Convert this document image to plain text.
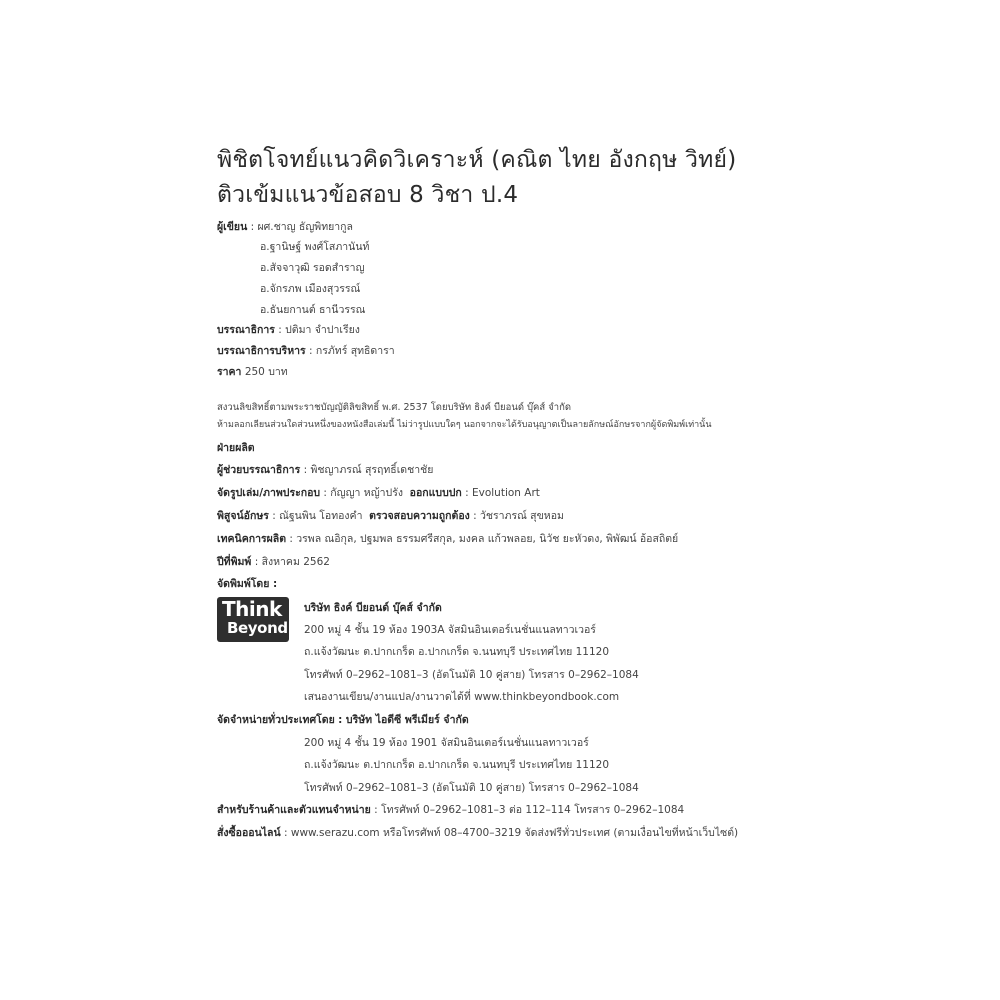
พิชิตโจทย์แนวคิดวิเคราะห์ (คณิต ไทย อังกฤษ วิทย์)
ติวเข้มแนวข้อสอบ 8 วิชา ป.4
ผู้เขียน : ผศ.ชาญ ธัญพิทยากูล
อ.ฐานิษฐ์ พงศ์โสภานันท์
อ.สัจจาวุฒิ รอดสำราญ
อ.จักรภพ เมืองสุวรรณ์
อ.ธันยกานต์ ธานีวรรณ
บรรณาธิการ : ปติมา จำปาเรียง
บรรณาธิการบริหาร : กรภัทร์ สุทธิดารา
ราคา 250 บาท
สงวนลิขสิทธิ์ตามพระราชบัญญัติลิขสิทธิ์ พ.ศ. 2537 โดยบริษัท ธิงค์ บียอนด์ บุ๊คส์ จำกัด
ห้ามลอกเลียนส่วนใดส่วนหนึ่งของหนังสือเล่มนี้ ไม่ว่ารูปแบบใดๆ นอกจากจะได้รับอนุญาตเป็นลายลักษณ์อักษรจากผู้จัดพิมพ์เท่านั้น
ฝ่ายผลิต
ผู้ช่วยบรรณาธิการ : พิชญาภรณ์ สุรฤทธิ์เดชาชัย
จัดรูปเล่ม/ภาพประกอบ : กัญญา หญ้าปรัง ออกแบบปก : Evolution Art
พิสูจน์อักษร : ณัฐนพิน โอทองคำ ตรวจสอบความถูกต้อง : วัชราภรณ์ สุขหอม
เทคนิคการผลิต : วรพล ณอิกุล, ปฐมพล ธรรมศรีสกุล, มงคล แก้วพลอย, นิวัช ยะหัวดง, พิพัฒน์ อ้อสถิตย์
ปีที่พิมพ์ : สิงหาคม 2562
จัดพิมพ์โดย :
Think
Beyond
บริษัท ธิงค์ บียอนด์ บุ๊คส์ จำกัด
200 หมู่ 4 ชั้น 19 ห้อง 1903A จัสมินอินเตอร์เนชั่นแนลทาวเวอร์
ถ.แจ้งวัฒนะ ต.ปากเกร็ด อ.ปากเกร็ด จ.นนทบุรี ประเทศไทย 11120
โทรศัพท์ 0–2962–1081–3 (อัตโนมัติ 10 คู่สาย) โทรสาร 0–2962–1084
เสนองานเขียน/งานแปล/งานวาดได้ที่ www.thinkbeyondbook.com
จัดจำหน่ายทั่วประเทศโดย : บริษัท ไอดีซี พรีเมียร์ จำกัด
200 หมู่ 4 ชั้น 19 ห้อง 1901 จัสมินอินเตอร์เนชั่นแนลทาวเวอร์
ถ.แจ้งวัฒนะ ต.ปากเกร็ด อ.ปากเกร็ด จ.นนทบุรี ประเทศไทย 11120
โทรศัพท์ 0–2962–1081–3 (อัตโนมัติ 10 คู่สาย) โทรสาร 0–2962–1084
สำหรับร้านค้าและตัวแทนจำหน่าย : โทรศัพท์ 0–2962–1081–3 ต่อ 112–114 โทรสาร 0–2962–1084
สั่งซื้อออนไลน์ : www.serazu.com หรือโทรศัพท์ 08–4700–3219 จัดส่งฟรีทั่วประเทศ (ตามเงื่อนไขที่หน้าเว็บไซต์)
